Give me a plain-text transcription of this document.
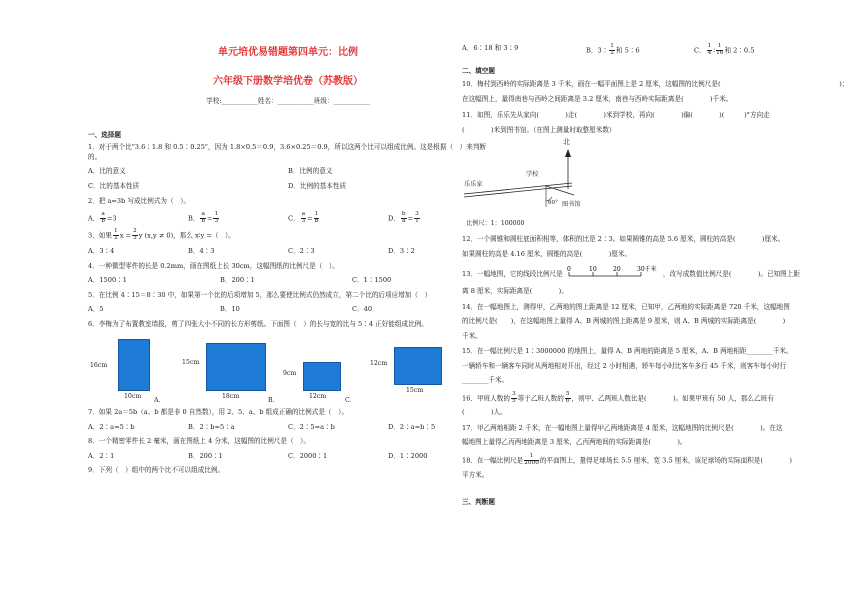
单元培优易错题第四单元：比例
六年级下册数学培优卷（苏教版）
学校:___________姓名：___________班级：___________
一、选择题
1．对于两个比"3.6∶1.8 和 0.5∶0.25"，因为 1.8×0.5＝0.9，3.6×0.25＝0.9，所以这两个比可以组成比例。这是根据（　）来判断的。
A．比的意义	B．比例的意义
C．比的基本性质	D．比例的基本性质
2．把 a=3b 写成比例式为（　）。
A． $\frac{a}{b} =3$	B． $\frac{a}{b} = \frac{1}{3}$	C． $\frac{a}{3} = \frac{1}{b}$	D． $\frac{b}{a} = \frac{3}{1}$
3．如果 $\frac{1}{2}$ $x = \frac{2}{3}$ y (x,y ≠ 0)，那么 x∶y =（　）。
A．3∶4	B．4∶3	C．2∶3	D．3∶2
4．一种微型零件的长是 0.2mm，画在图纸上长 30cm，这幅图纸的比例尺是（　）。
A．1500∶1	B．200∶1	C．1∶1500
5．在比例 4∶15＝8∶30 中，如果第一个比的后项增加 5，那么要使比例式仍然成立，第二个比的后项应增加（　）
A．5	B．10	C．40
6．李梅为了布置教室墙报，剪了四张大小不同的长方形剪纸。下面图（　）的长与宽的比与 5∶4 正好能组成比例。
16cm
10cm
A.
15cm
18cm
B.
9cm
12cm
C.
12cm
15cm
7．如果 2a＝5b（a、b 都是非 0 自然数），用 2、5、a、b 组成正确的比例式是（　）。
A．2∶a=5∶b	B．2∶b=5∶a	C．2∶5=a∶b	D．2∶a=b∶5
8．一个精密零件长 2 毫米，画在图纸上 4 分米，这幅图的比例尺是（　）。
A．2∶1	B．200∶1	C．2000∶1	D．1∶2000
9．下列（　）组中的两个比不可以组成比例。
A．6∶18 和 3∶9	B．3∶ $\frac{1}{2}$ 和 5∶6	C． $\frac{1}{4}$ ∶ $\frac{1}{16}$ 和 2∶0.5
二、填空题
10．梅村到西岭的实际距离是 3 千米，画在一幅平面图上是 2 厘米，这幅图的比例尺是(　　　　　　　　　　　　　　　　　　)；
在这幅图上，量得南巷与西岭之间距离是 3.2 厘米，南巷与西岭实际距离是(　　　　)千米。
11．如图，乐乐先从家向(　　　　)走(　　　　)米到学校，再向(　　　　)偏(　　　　)(　　　)°方向走
(　　　　)米到图书馆。（在图上测量时取整厘米数）
北
学校
乐乐家
图书馆
60°
比例尺：1：100000
12．一个圆锥和圆柱底面积相等，体积的比是 2∶3。如果圆锥的高是 5.6 厘米，圆柱的高是(　　　　)厘米。
如果圆柱的高是 4.16 厘米，圆锥的高是(　　　　)厘米。
13．一幅地图，它的线段比例尺是
0	10	20	30千米
，改写成数值比例尺是(　　　　)。已知图上距
离 8 厘米，实际距离是(　　　　)。
14．在一幅地图上，测得甲，乙两地的图上距离是 12 厘米，已知甲，乙两地的实际距离是 720 千米，这幅地图
的比例尺是(　　)，在这幅地图上量得 A、B 两城的图上距离是 9 厘米，则 A、B 两城的实际距离是(　　　　)
千米。
15．在一幅比例尺是 1∶3000000 的地图上，量得 A、B 两地的距离是 5 厘米，A、B 两地相距________千米。
一辆轿车和一辆客车同时从两地相对开出，经过 2 小时相遇，轿车每小时比客车多行 45 千米，则客车每小时行
________千米。
16．甲班人数的 $\frac{3}{5}$ 等于乙班人数的 $\frac{5}{6}$ ，则甲、乙两班人数比是(　　　　)。如果甲班有 50 人，那么乙班有
(　　　　)人。
17．甲乙两地相距 2 千米，在一幅地图上量得甲乙两地距离是 4 厘米，这幅地图的比例尺是(　　　　)。在这
幅地图上量得乙丙两地距离是 3 厘米，乙丙两地间的实际距离是(　　　　)。
18．在一幅比例尺是 $\frac{1}{2000}$ 的平面图上，量得足球场长 5.5 厘米，宽 3.5 厘米，该足球场的实际面积是(　　　　)
平方米。
三、判断题
